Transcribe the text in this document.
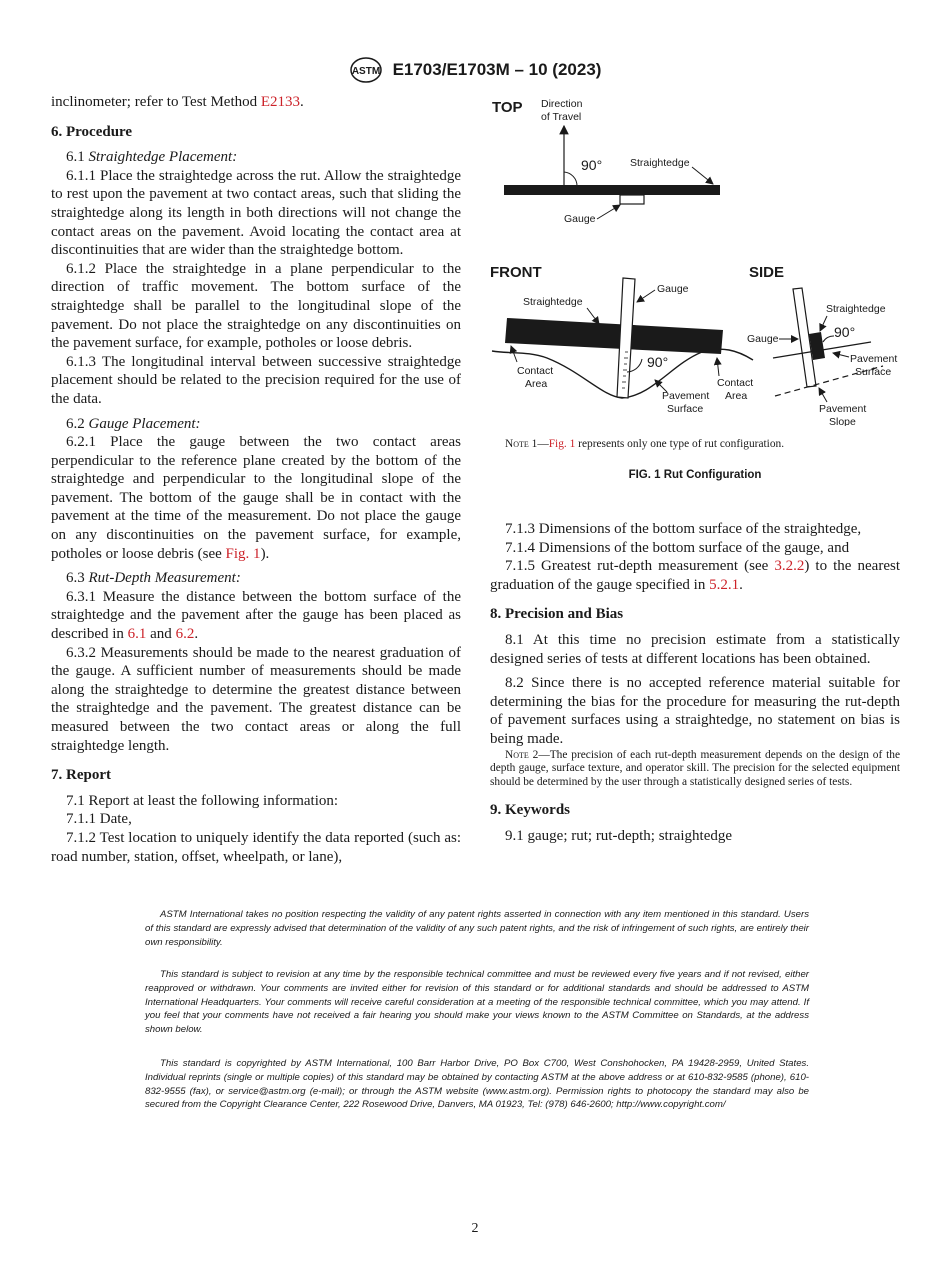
ASTM E1703/E1703M – 10 (2023)

inclinometer; refer to Test Method E2133.

6. Procedure

6.1 Straightedge Placement:

6.1.1 Place the straightedge across the rut. Allow the straightedge to rest upon the pavement at two contact areas, such that sliding the straightedge along its length in both directions will not change the contact areas on the pavement. Avoid locating the contact area at discontinuities that are wider than the straightedge bottom.

6.1.2 Place the straightedge in a plane perpendicular to the direction of traffic movement. The bottom surface of the straightedge shall be parallel to the longitudinal slope of the pavement. Do not place the straightedge on any discontinuities on the pavement surface, for example, potholes or loose debris.

6.1.3 The longitudinal interval between successive straightedge placement should be related to the precision required for the use of the data.

6.2 Gauge Placement:

6.2.1 Place the gauge between the two contact areas perpendicular to the reference plane created by the bottom of the straightedge and perpendicular to the longitudinal slope of the pavement. The bottom of the gauge shall be in contact with the pavement at the time of the measurement. Do not place the gauge on any discontinuities on the pavement surface, for example, potholes or loose debris (see Fig. 1).

6.3 Rut-Depth Measurement:

6.3.1 Measure the distance between the bottom surface of the straightedge and the pavement after the gauge has been placed as described in 6.1 and 6.2.

6.3.2 Measurements should be made to the nearest graduation of the gauge. A sufficient number of measurements should be made along the straightedge to determine the greatest distance between the straightedge and the pavement. The greatest distance can be measured between the two contact areas or along the full straightedge length.

7. Report

7.1 Report at least the following information:

7.1.1 Date,

7.1.2 Test location to uniquely identify the data reported (such as: road number, station, offset, wheelpath, or lane),

TOP Direction
of Travel
90°	Straightedge
Gauge
FRONT
90°
Straightedge
Gauge
Contact
Area	Contact
Area
Pavement
Surface
SIDE
90°
Straightedge
Gauge
Pavement
Surface
Pavement
Slope

Note 1—Fig. 1 represents only one type of rut configuration.

FIG. 1 Rut Configuration

7.1.3 Dimensions of the bottom surface of the straightedge,

7.1.4 Dimensions of the bottom surface of the gauge, and

7.1.5 Greatest rut-depth measurement (see 3.2.2) to the nearest graduation of the gauge specified in 5.2.1.

8. Precision and Bias

8.1 At this time no precision estimate from a statistically designed series of tests at different locations has been obtained.

8.2 Since there is no accepted reference material suitable for determining the bias for the procedure for measuring the rut-depth of pavement surfaces using a straightedge, no statement on bias is being made.

Note 2—The precision of each rut-depth measurement depends on the design of the depth gauge, surface texture, and operator skill. The precision for the selected equipment should be determined by the user through a statistically designed series of tests.

9. Keywords

9.1 gauge; rut; rut-depth; straightedge

ASTM International takes no position respecting the validity of any patent rights asserted in connection with any item mentioned in this standard. Users of this standard are expressly advised that determination of the validity of any such patent rights, and the risk of infringement of such rights, are entirely their own responsibility.

This standard is subject to revision at any time by the responsible technical committee and must be reviewed every five years and if not revised, either reapproved or withdrawn. Your comments are invited either for revision of this standard or for additional standards and should be addressed to ASTM International Headquarters. Your comments will receive careful consideration at a meeting of the responsible technical committee, which you may attend. If you feel that your comments have not received a fair hearing you should make your views known to the ASTM Committee on Standards, at the address shown below.

This standard is copyrighted by ASTM International, 100 Barr Harbor Drive, PO Box C700, West Conshohocken, PA 19428-2959, United States. Individual reprints (single or multiple copies) of this standard may be obtained by contacting ASTM at the above address or at 610-832-9585 (phone), 610-832-9555 (fax), or service@astm.org (e-mail); or through the ASTM website (www.astm.org). Permission rights to photocopy the standard may also be secured from the Copyright Clearance Center, 222 Rosewood Drive, Danvers, MA 01923, Tel: (978) 646-2600; http://www.copyright.com/

2
